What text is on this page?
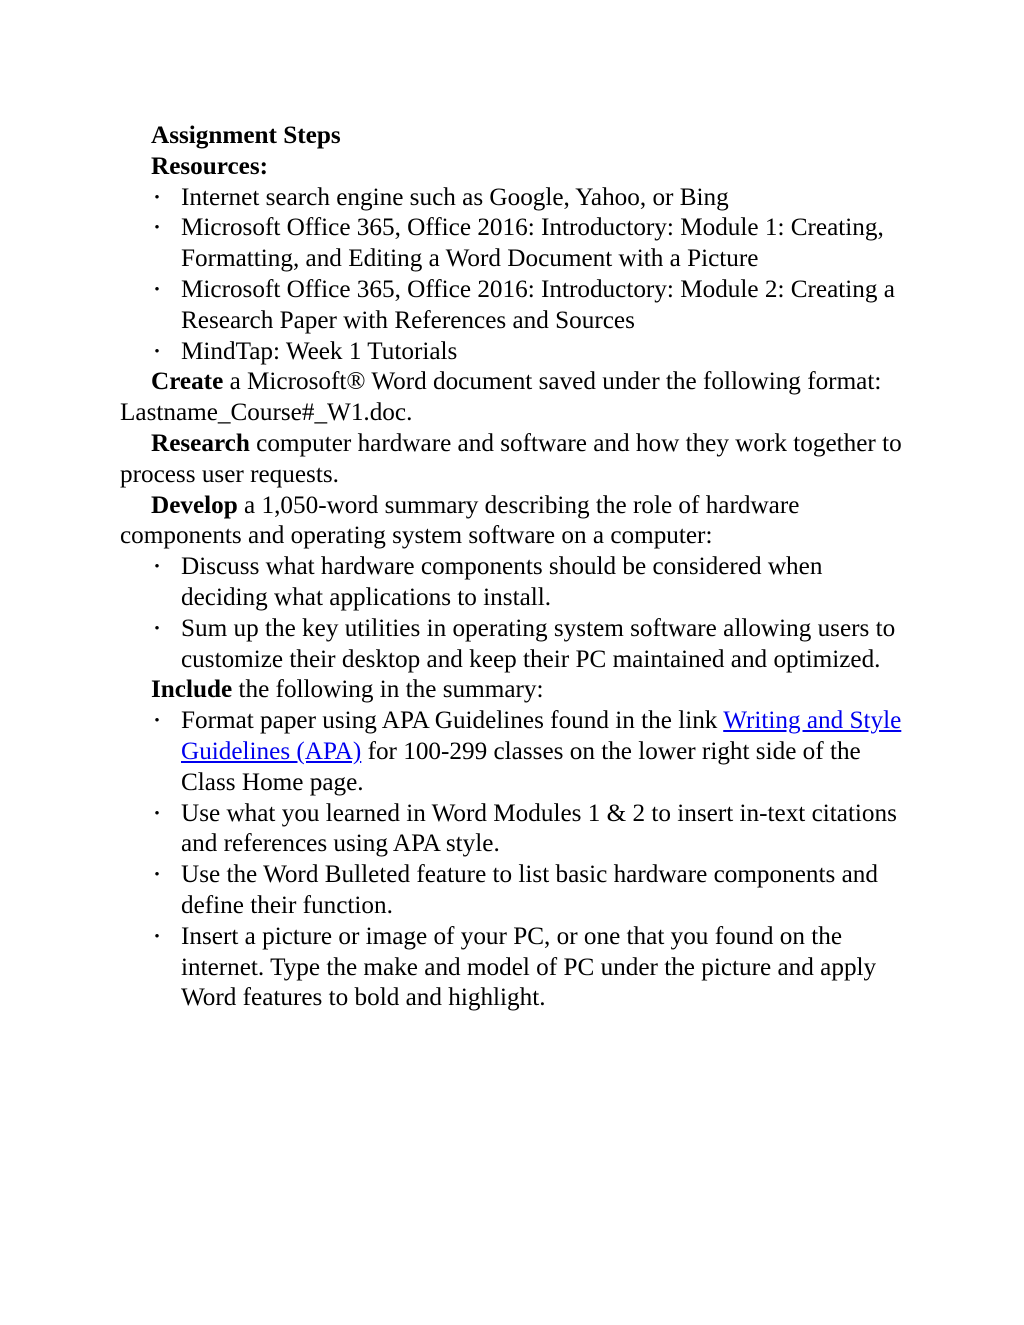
Assignment Steps

Resources:

• Internet search engine such as Google, Yahoo, or Bing
• Microsoft Office 365, Office 2016: Introductory: Module 1: Creating, Formatting, and Editing a Word Document with a Picture
• Microsoft Office 365, Office 2016: Introductory: Module 2: Creating a Research Paper with References and Sources
• MindTap: Week 1 Tutorials

Create a Microsoft® Word document saved under the following format: Lastname_Course#_W1.doc.

Research computer hardware and software and how they work together to process user requests.

Develop a 1,050-word summary describing the role of hardware components and operating system software on a computer:

• Discuss what hardware components should be considered when deciding what applications to install.
• Sum up the key utilities in operating system software allowing users to customize their desktop and keep their PC maintained and optimized.

Include the following in the summary:

• Format paper using APA Guidelines found in the link Writing and Style Guidelines (APA) for 100-299 classes on the lower right side of the Class Home page.
• Use what you learned in Word Modules 1 & 2 to insert in-text citations and references using APA style.
• Use the Word Bulleted feature to list basic hardware components and define their function.
• Insert a picture or image of your PC, or one that you found on the internet. Type the make and model of PC under the picture and apply Word features to bold and highlight.
